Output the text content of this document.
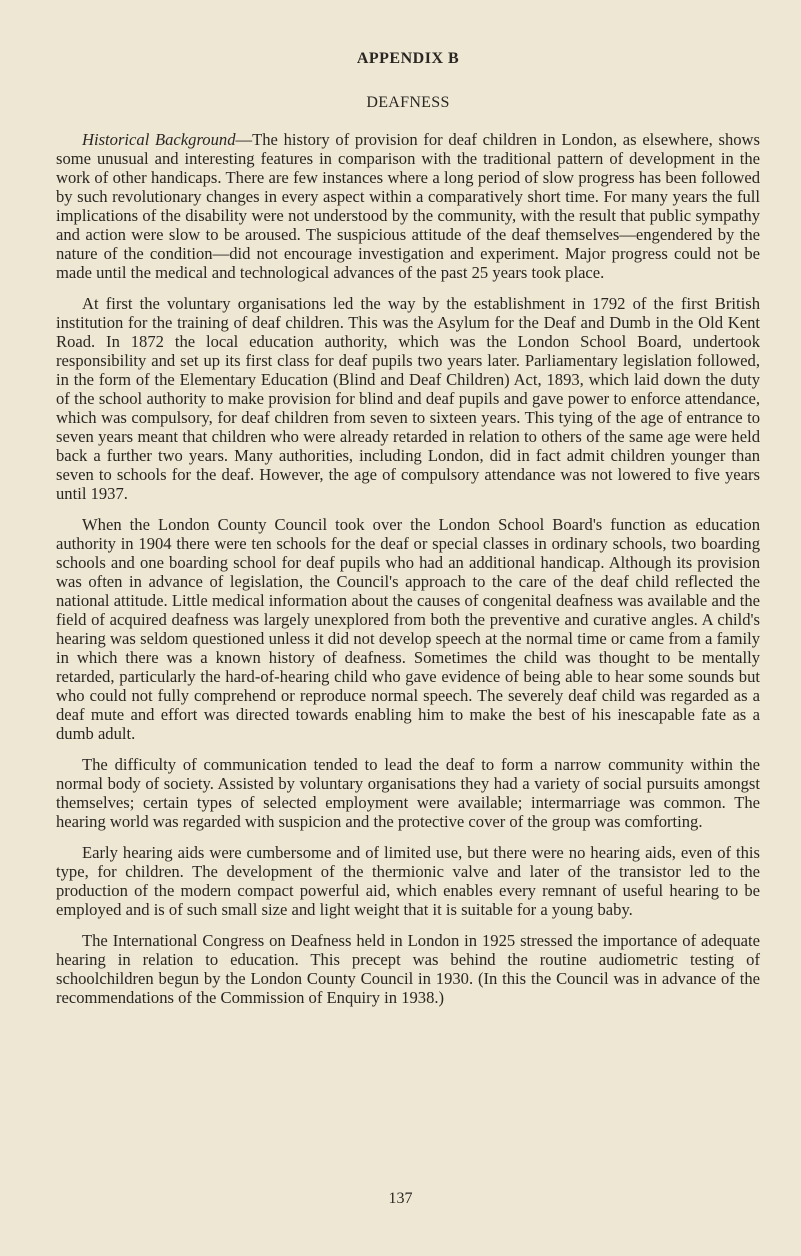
APPENDIX B

DEAFNESS

Historical Background—The history of provision for deaf children in London, as elsewhere, shows some unusual and interesting features in comparison with the traditional pattern of development in the work of other handicaps. There are few instances where a long period of slow progress has been followed by such revolutionary changes in every aspect within a comparatively short time. For many years the full implications of the disability were not understood by the community, with the result that public sympathy and action were slow to be aroused. The suspicious attitude of the deaf themselves—engendered by the nature of the condition—did not encourage investigation and experiment. Major progress could not be made until the medical and technological advances of the past 25 years took place.

At first the voluntary organisations led the way by the establishment in 1792 of the first British institution for the training of deaf children. This was the Asylum for the Deaf and Dumb in the Old Kent Road. In 1872 the local education authority, which was the London School Board, undertook responsibility and set up its first class for deaf pupils two years later. Parliamentary legislation followed, in the form of the Elementary Education (Blind and Deaf Children) Act, 1893, which laid down the duty of the school authority to make provision for blind and deaf pupils and gave power to enforce attendance, which was compulsory, for deaf children from seven to sixteen years. This tying of the age of entrance to seven years meant that children who were already retarded in relation to others of the same age were held back a further two years. Many authorities, including London, did in fact admit children younger than seven to schools for the deaf. However, the age of compulsory attendance was not lowered to five years until 1937.

When the London County Council took over the London School Board's function as education authority in 1904 there were ten schools for the deaf or special classes in ordinary schools, two boarding schools and one boarding school for deaf pupils who had an additional handicap. Although its provision was often in advance of legislation, the Council's approach to the care of the deaf child reflected the national attitude. Little medical information about the causes of congenital deafness was available and the field of acquired deafness was largely unexplored from both the preventive and curative angles. A child's hearing was seldom questioned unless it did not develop speech at the normal time or came from a family in which there was a known history of deafness. Sometimes the child was thought to be mentally retarded, particularly the hard-of-hearing child who gave evidence of being able to hear some sounds but who could not fully comprehend or reproduce normal speech. The severely deaf child was regarded as a deaf mute and effort was directed towards enabling him to make the best of his inescapable fate as a dumb adult.

The difficulty of communication tended to lead the deaf to form a narrow community within the normal body of society. Assisted by voluntary organisations they had a variety of social pursuits amongst themselves; certain types of selected employment were available; intermarriage was common. The hearing world was regarded with suspicion and the protective cover of the group was comforting.

Early hearing aids were cumbersome and of limited use, but there were no hearing aids, even of this type, for children. The development of the thermionic valve and later of the transistor led to the production of the modern compact powerful aid, which enables every remnant of useful hearing to be employed and is of such small size and light weight that it is suitable for a young baby.

The International Congress on Deafness held in London in 1925 stressed the importance of adequate hearing in relation to education. This precept was behind the routine audiometric testing of schoolchildren begun by the London County Council in 1930. (In this the Council was in advance of the recommendations of the Commission of Enquiry in 1938.)

137
